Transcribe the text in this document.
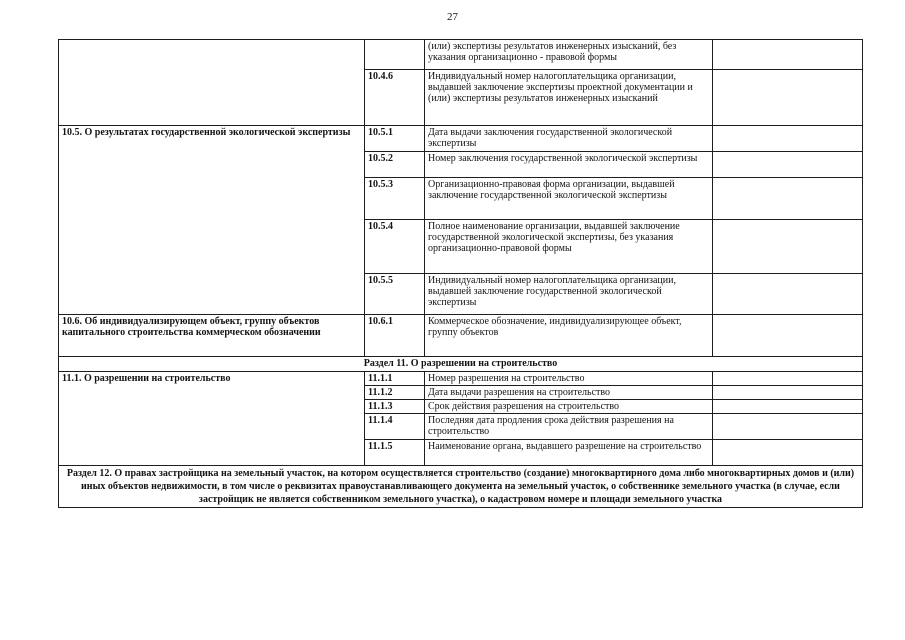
27
		(или) экспертизы результатов инженерных изысканий, без указания организационно - правовой формы	
	10.4.6	Индивидуальный номер налогоплательщика организации, выдавшей заключение экспертизы проектной документации и (или) экспертизы результатов инженерных изысканий	
10.5. О результатах государственной экологической экспертизы	10.5.1	Дата выдачи заключения государственной экологической экспертизы	
	10.5.2	Номер заключения государственной экологической экспертизы	
	10.5.3	Организационно-правовая форма организации, выдавшей заключение государственной экологической экспертизы	
	10.5.4	Полное наименование организации, выдавшей заключение государственной экологической экспертизы, без указания организационно-правовой формы	
	10.5.5	Индивидуальный номер налогоплательщика организации, выдавшей заключение государственной экологической экспертизы	
10.6. Об индивидуализирующем объект, группу объектов капитального строительства коммерческом обозначении	10.6.1	Коммерческое обозначение, индивидуализирующее объект, группу объектов	
Раздел 11. О разрешении на строительство			
11.1. О разрешении на строительство	11.1.1	Номер разрешения на строительство	
	11.1.2	Дата выдачи разрешения на строительство	
	11.1.3	Срок действия разрешения на строительство	
	11.1.4	Последняя дата продления срока действия разрешения на строительство	
	11.1.5	Наименование органа, выдавшего разрешение на строительство	
Раздел 12. О правах застройщика на земельный участок, на котором осуществляется строительство (создание) многоквартирного дома либо многоквартирных домов и (или) иных объектов недвижимости, в том числе о реквизитах правоустанавливающего документа на земельный участок, о собственнике земельного участка (в случае, если застройщик не является собственником земельного участка), о кадастровом номере и площади земельного участка			
